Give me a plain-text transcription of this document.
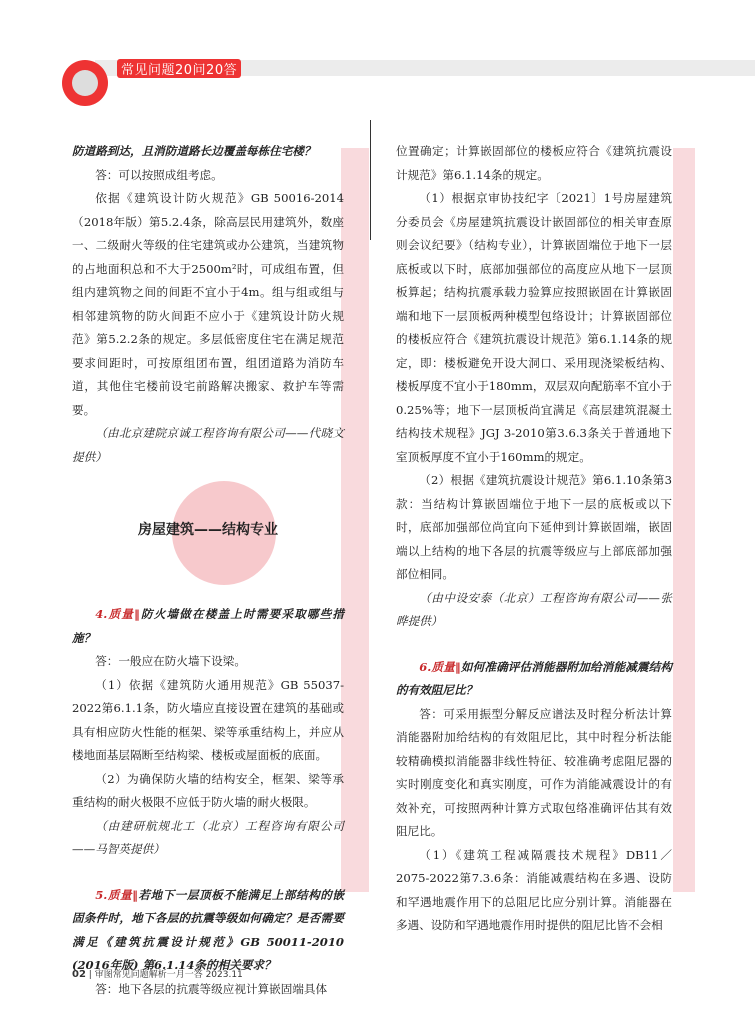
常见问题20问20答

防道路到达，且消防道路长边覆盖每栋住宅楼？

答：可以按照成组考虑。

依据《建筑设计防火规范》GB 50016-2014（2018年版）第5.2.4条，除高层民用建筑外，数座一、二级耐火等级的住宅建筑或办公建筑，当建筑物的占地面积总和不大于2500m²时，可成组布置，但组内建筑物之间的间距不宜小于4m。组与组或组与相邻建筑物的防火间距不应小于《建筑设计防火规范》第5.2.2条的规定。多层低密度住宅在满足规范要求间距时，可按原组团布置，组团道路为消防车道，其他住宅楼前设宅前路解决搬家、救护车等需要。

（由北京建院京诚工程咨询有限公司——代晓文提供）

房屋建筑——结构专业

4.质量‖防火墙做在楼盖上时需要采取哪些措施？

答：一般应在防火墙下设梁。

（1）依据《建筑防火通用规范》GB 55037-2022第6.1.1条，防火墙应直接设置在建筑的基础或具有相应防火性能的框架、梁等承重结构上，并应从楼地面基层隔断至结构梁、楼板或屋面板的底面。

（2）为确保防火墙的结构安全，框架、梁等承重结构的耐火极限不应低于防火墙的耐火极限。

（由建研航规北工（北京）工程咨询有限公司——马智英提供）

5.质量‖若地下一层顶板不能满足上部结构的嵌固条件时，地下各层的抗震等级如何确定？是否需要满足《建筑抗震设计规范》GB 50011-2010 (2016年版) 第6.1.14条的相关要求？

答：地下各层的抗震等级应视计算嵌固端具体

位置确定；计算嵌固部位的楼板应符合《建筑抗震设计规范》第6.1.14条的规定。

（1）根据京审协技纪字〔2021〕1号房屋建筑分委员会《房屋建筑抗震设计嵌固部位的相关审查原则会议纪要》（结构专业），计算嵌固端位于地下一层底板或以下时，底部加强部位的高度应从地下一层顶板算起；结构抗震承载力验算应按照嵌固在计算嵌固端和地下一层顶板两种模型包络设计；计算嵌固部位的楼板应符合《建筑抗震设计规范》第6.1.14条的规定，即：楼板避免开设大洞口、采用现浇梁板结构、楼板厚度不宜小于180mm，双层双向配筋率不宜小于0.25%等；地下一层顶板尚宜满足《高层建筑混凝土结构技术规程》JGJ 3-2010第3.6.3条关于普通地下室顶板厚度不宜小于160mm的规定。

（2）根据《建筑抗震设计规范》第6.1.10条第3款：当结构计算嵌固端位于地下一层的底板或以下时，底部加强部位尚宜向下延伸到计算嵌固端，嵌固端以上结构的地下各层的抗震等级应与上部底部加强部位相同。

（由中设安泰（北京）工程咨询有限公司——张晔提供）

6.质量‖如何准确评估消能器附加给消能减震结构的有效阻尼比？

答：可采用振型分解反应谱法及时程分析法计算消能器附加给结构的有效阻尼比，其中时程分析法能较精确模拟消能器非线性特征、较准确考虑阻尼器的实时刚度变化和真实刚度，可作为消能减震设计的有效补充，可按照两种计算方式取包络准确评估其有效阻尼比。

（1）《建筑工程减隔震技术规程》DB11／ 2075-2022第7.3.6条：消能减震结构在多遇、设防和罕遇地震作用下的总阻尼比应分别计算。消能器在多遇、设防和罕遇地震作用时提供的阻尼比皆不会相

02 | 审图常见问题解析一月一答 2023.11
